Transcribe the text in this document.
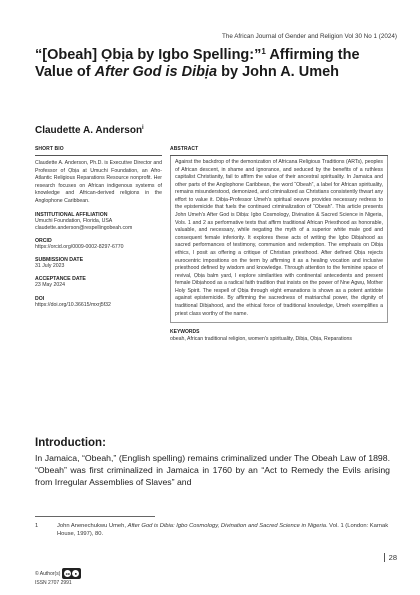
The African Journal of Gender and Religion Vol 30 No 1 (2024)
“[Obeah] Ọbịa by Igbo Spelling:”$^1$ Affirming the Value of After God is Dibịa by John A. Umeh

Claudette A. Anderson$^i$

SHORT BIO

Claudette A. Anderson, Ph.D. is Executive Director and Professor of Ọbịa at Umuchi Foundation, an Afro-Atlantic Religious Reparations Resource nonprofit. Her research focuses on African indigenous systems of knowledge and African-derived religions in the Anglophone Caribbean.

INSTITUTIONAL AFFILIATION

Umuchi Foundation, Florida, USA

claudette.anderson@respellingobeah.com

ORCID

https://orcid.org/0009-0002-8297-6770

SUBMISSION DATE

31 July 2023

ACCEPTANCE DATE

23 May 2024

DOI

https://doi.org/10.36615/mxrj5f32

ABSTRACT

Against the backdrop of the demonization of Africana Religious Traditions (ARTs), peoples of African descent, in shame and ignorance, and seduced by the benefits of a ruthless capitalist Christianity, fail to affirm the value of their ancestral spirituality. In Jamaica and other parts of the Anglophone Caribbean, the word “Obeah”, a label for African spirituality, remains misunderstood, demonized, and criminalized as Christians consistently thwart any effort to value it. Dibịa-Professor Umeh's spiritual oeuvre provides necessary redress to the epistemicide that fuels the continued criminalization of “Obeah”. This article presents John Umeh's After God is Dibịa: Igbo Cosmology, Divination & Sacred Science in Nigeria, Vols. 1 and 2 as performative texts that affirm traditional African Priesthood as honorable, valuable, and necessary, while negating the myth of a superior white male god and consequent female inferiority. It explores these acts of writing the Igbo Dibịahood as sacred performances of testimony, communion and redemption. The emphasis on Dibịa ethics, I posit as offering a critique of Christian priesthood. After defined Ọbịa rejects eurocentric impositions on the term by affirming it as a healing vocation and inclusive priesthood defined by wisdom and knowledge. Through attention to the feminine space of revival, Ọbịa balm yard, I explore similarities with continental antecedents and present female Dibịahood as a radical faith tradition that insists on the power of Nne Agwụ, Mother Holy Spirit. The respell of Ọbịa through eight emanations is shown as a potent antidote against epistemicide. By affirming the sacredness of matriarchal power, the dignity of traditional Dibịahood, and the ethical force of traditional knowledge, Umeh exemplifies a priest class worthy of the name.

KEYWORDS

obeah, African traditional religion, women's spirituality, Dibịa, Ọbịa, Reparations

Introduction:

In Jamaica, “Obeah,” (English spelling) remains criminalized under The Obeah Law of 1898. “Obeah” was first criminalized in Jamaica in 1760 by an “Act to Remedy the Evils arising from Irregular Assemblies of Slaves” and

1	John Anenechukwu Umeh, After God is Dibia: Igbo Cosmology, Divination and Sacred Science in Nigeria. Vol. 1 (London: Karnak House, 1997), 80.

28
© Author(s)	cc	●
ISSN 2707 2991
